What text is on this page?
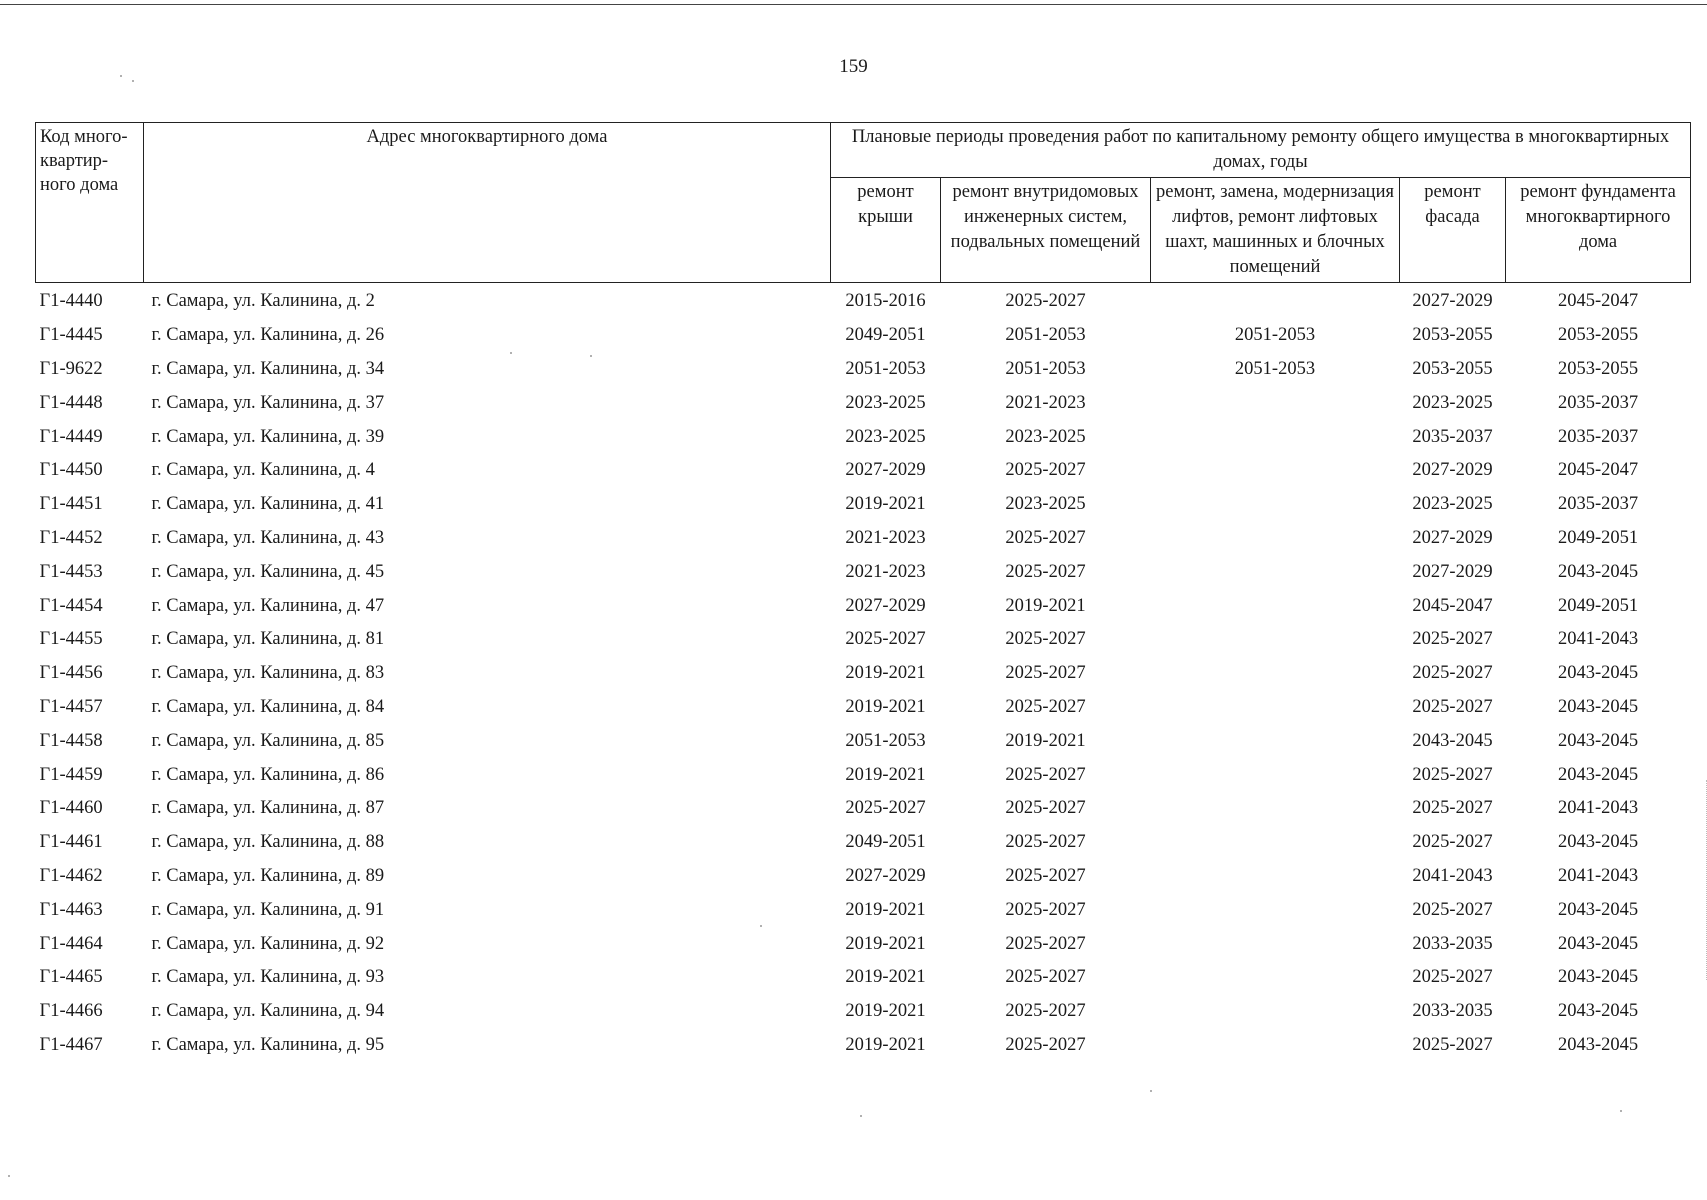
159
Код много-квартир-ного дома	Адрес многоквартирного дома	Плановые периоды проведения работ по капитальному ремонту общего имущества в многоквартирных домах, годы				
		ремонт крыши	ремонт внутридомовых инженерных систем, подвальных помещений	ремонт, замена, модернизация лифтов, ремонт лифтовых шахт, машинных и блочных помещений	ремонт фасада	ремонт фундамента многоквартирного дома
Г1-4440	г. Самара, ул. Калинина, д. 2	2015-2016	2025-2027		2027-2029	2045-2047
Г1-4445	г. Самара, ул. Калинина, д. 26	2049-2051	2051-2053	2051-2053	2053-2055	2053-2055
Г1-9622	г. Самара, ул. Калинина, д. 34	2051-2053	2051-2053	2051-2053	2053-2055	2053-2055
Г1-4448	г. Самара, ул. Калинина, д. 37	2023-2025	2021-2023		2023-2025	2035-2037
Г1-4449	г. Самара, ул. Калинина, д. 39	2023-2025	2023-2025		2035-2037	2035-2037
Г1-4450	г. Самара, ул. Калинина, д. 4	2027-2029	2025-2027		2027-2029	2045-2047
Г1-4451	г. Самара, ул. Калинина, д. 41	2019-2021	2023-2025		2023-2025	2035-2037
Г1-4452	г. Самара, ул. Калинина, д. 43	2021-2023	2025-2027		2027-2029	2049-2051
Г1-4453	г. Самара, ул. Калинина, д. 45	2021-2023	2025-2027		2027-2029	2043-2045
Г1-4454	г. Самара, ул. Калинина, д. 47	2027-2029	2019-2021		2045-2047	2049-2051
Г1-4455	г. Самара, ул. Калинина, д. 81	2025-2027	2025-2027		2025-2027	2041-2043
Г1-4456	г. Самара, ул. Калинина, д. 83	2019-2021	2025-2027		2025-2027	2043-2045
Г1-4457	г. Самара, ул. Калинина, д. 84	2019-2021	2025-2027		2025-2027	2043-2045
Г1-4458	г. Самара, ул. Калинина, д. 85	2051-2053	2019-2021		2043-2045	2043-2045
Г1-4459	г. Самара, ул. Калинина, д. 86	2019-2021	2025-2027		2025-2027	2043-2045
Г1-4460	г. Самара, ул. Калинина, д. 87	2025-2027	2025-2027		2025-2027	2041-2043
Г1-4461	г. Самара, ул. Калинина, д. 88	2049-2051	2025-2027		2025-2027	2043-2045
Г1-4462	г. Самара, ул. Калинина, д. 89	2027-2029	2025-2027		2041-2043	2041-2043
Г1-4463	г. Самара, ул. Калинина, д. 91	2019-2021	2025-2027		2025-2027	2043-2045
Г1-4464	г. Самара, ул. Калинина, д. 92	2019-2021	2025-2027		2033-2035	2043-2045
Г1-4465	г. Самара, ул. Калинина, д. 93	2019-2021	2025-2027		2025-2027	2043-2045
Г1-4466	г. Самара, ул. Калинина, д. 94	2019-2021	2025-2027		2033-2035	2043-2045
Г1-4467	г. Самара, ул. Калинина, д. 95	2019-2021	2025-2027		2025-2027	2043-2045
